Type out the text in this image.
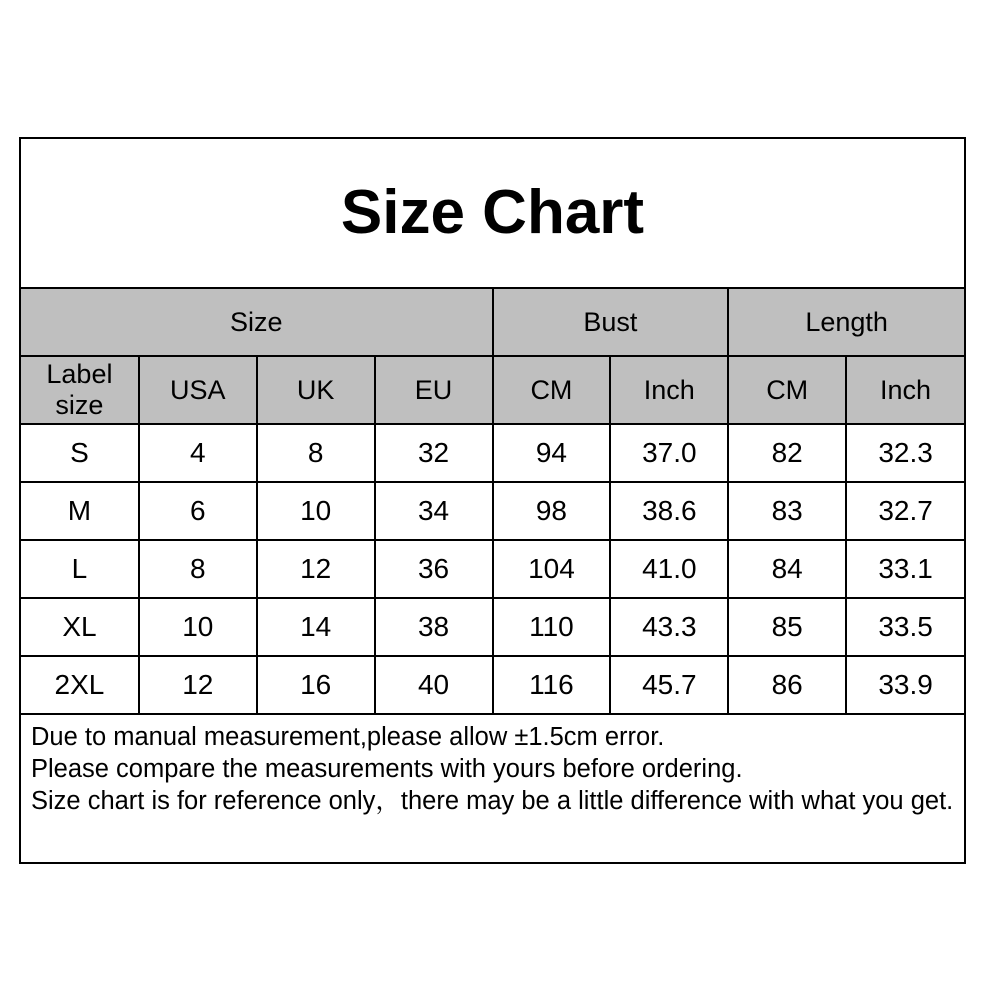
Size Chart
Size				Bust		Length	
Label size	USA	UK	EU	CM	Inch	CM	Inch
S	4	8	32	94	37.0	82	32.3
M	6	10	34	98	38.6	83	32.7
L	8	12	36	104	41.0	84	33.1
XL	10	14	38	110	43.3	85	33.5
2XL	12	16	40	116	45.7	86	33.9
Due to manual measurement,please allow ±1.5cm error.
Please compare the measurements with yours before ordering.
Size chart is for reference only，there may be a little difference with what you get.
